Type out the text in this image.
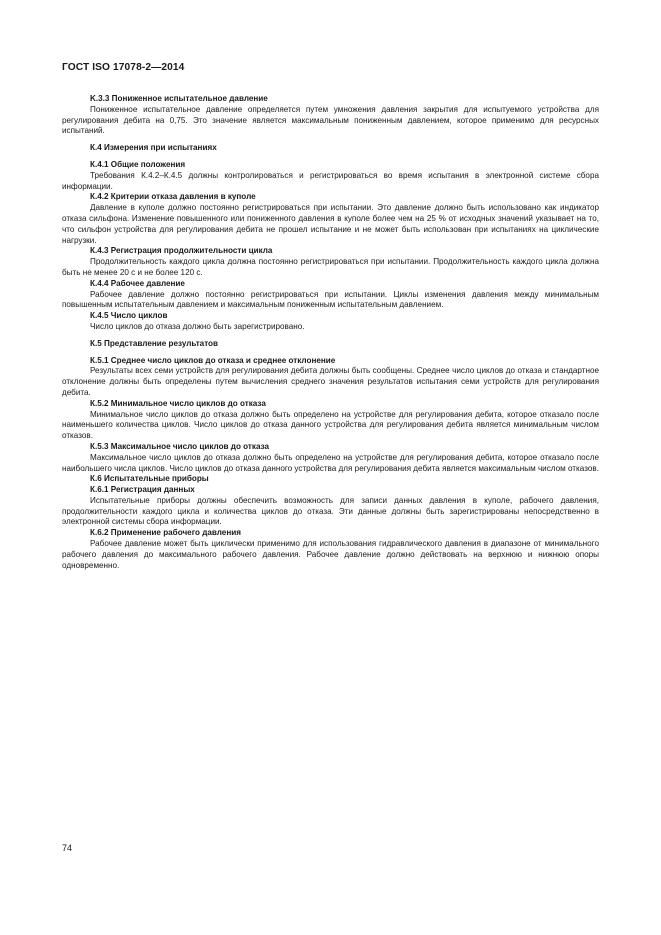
ГОСТ ISO 17078-2—2014

K.3.3 Пониженное испытательное давление

Пониженное испытательное давление определяется путем умножения давления закрытия для испытуемого устройства для регулирования дебита на 0,75. Это значение является максимальным пониженным давлением, которое применимо для ресурсных испытаний.

К.4 Измерения при испытаниях

К.4.1 Общие положения

Требования К.4.2–К.4.5 должны контролироваться и регистрироваться во время испытания в электронной системе сбора информации.

К.4.2 Критерии отказа давления в куполе

Давление в куполе должно постоянно регистрироваться при испытании. Это давление должно быть использовано как индикатор отказа сильфона. Изменение повышенного или пониженного давления в куполе более чем на 25 % от исходных значений указывает на то, что сильфон устройства для регулирования дебита не прошел испытание и не может быть использован при испытаниях на циклические нагрузки.

К.4.3 Регистрация продолжительности цикла

Продолжительность каждого цикла должна постоянно регистрироваться при испытании. Продолжительность каждого цикла должна быть не менее 20 с и не более 120 с.

К.4.4 Рабочее давление

Рабочее давление должно постоянно регистрироваться при испытании. Циклы изменения давления между минимальным повышенным испытательным давлением и максимальным пониженным испытательным давлением.

К.4.5 Число циклов

Число циклов до отказа должно быть зарегистрировано.

К.5 Представление результатов

К.5.1 Среднее число циклов до отказа и среднее отклонение

Результаты всех семи устройств для регулирования дебита должны быть сообщены. Среднее число циклов до отказа и стандартное отклонение должны быть определены путем вычисления среднего значения результатов испытания семи устройств для регулирования дебита.

К.5.2 Минимальное число циклов до отказа

Минимальное число циклов до отказа должно быть определено на устройстве для регулирования дебита, которое отказало после наименьшего количества циклов. Число циклов до отказа данного устройства для регулирования дебита является минимальным числом отказов.

К.5.3 Максимальное число циклов до отказа

Максимальное число циклов до отказа должно быть определено на устройстве для регулирования дебита, которое отказало после наибольшего числа циклов. Число циклов до отказа данного устройства для регулирования дебита является максимальным числом отказов.

К.6 Испытательные приборы

К.6.1 Регистрация данных

Испытательные приборы должны обеспечить возможность для записи данных давления в куполе, рабочего давления, продолжительности каждого цикла и количества циклов до отказа. Эти данные должны быть зарегистрированы непосредственно в электронной системы сбора информации.

К.6.2 Применение рабочего давления

Рабочее давление может быть циклически применимо для использования гидравлического давления в диапазоне от минимального рабочего давления до максимального рабочего давления. Рабочее давление должно действовать на верхнюю и нижнюю опоры одновременно.

74
